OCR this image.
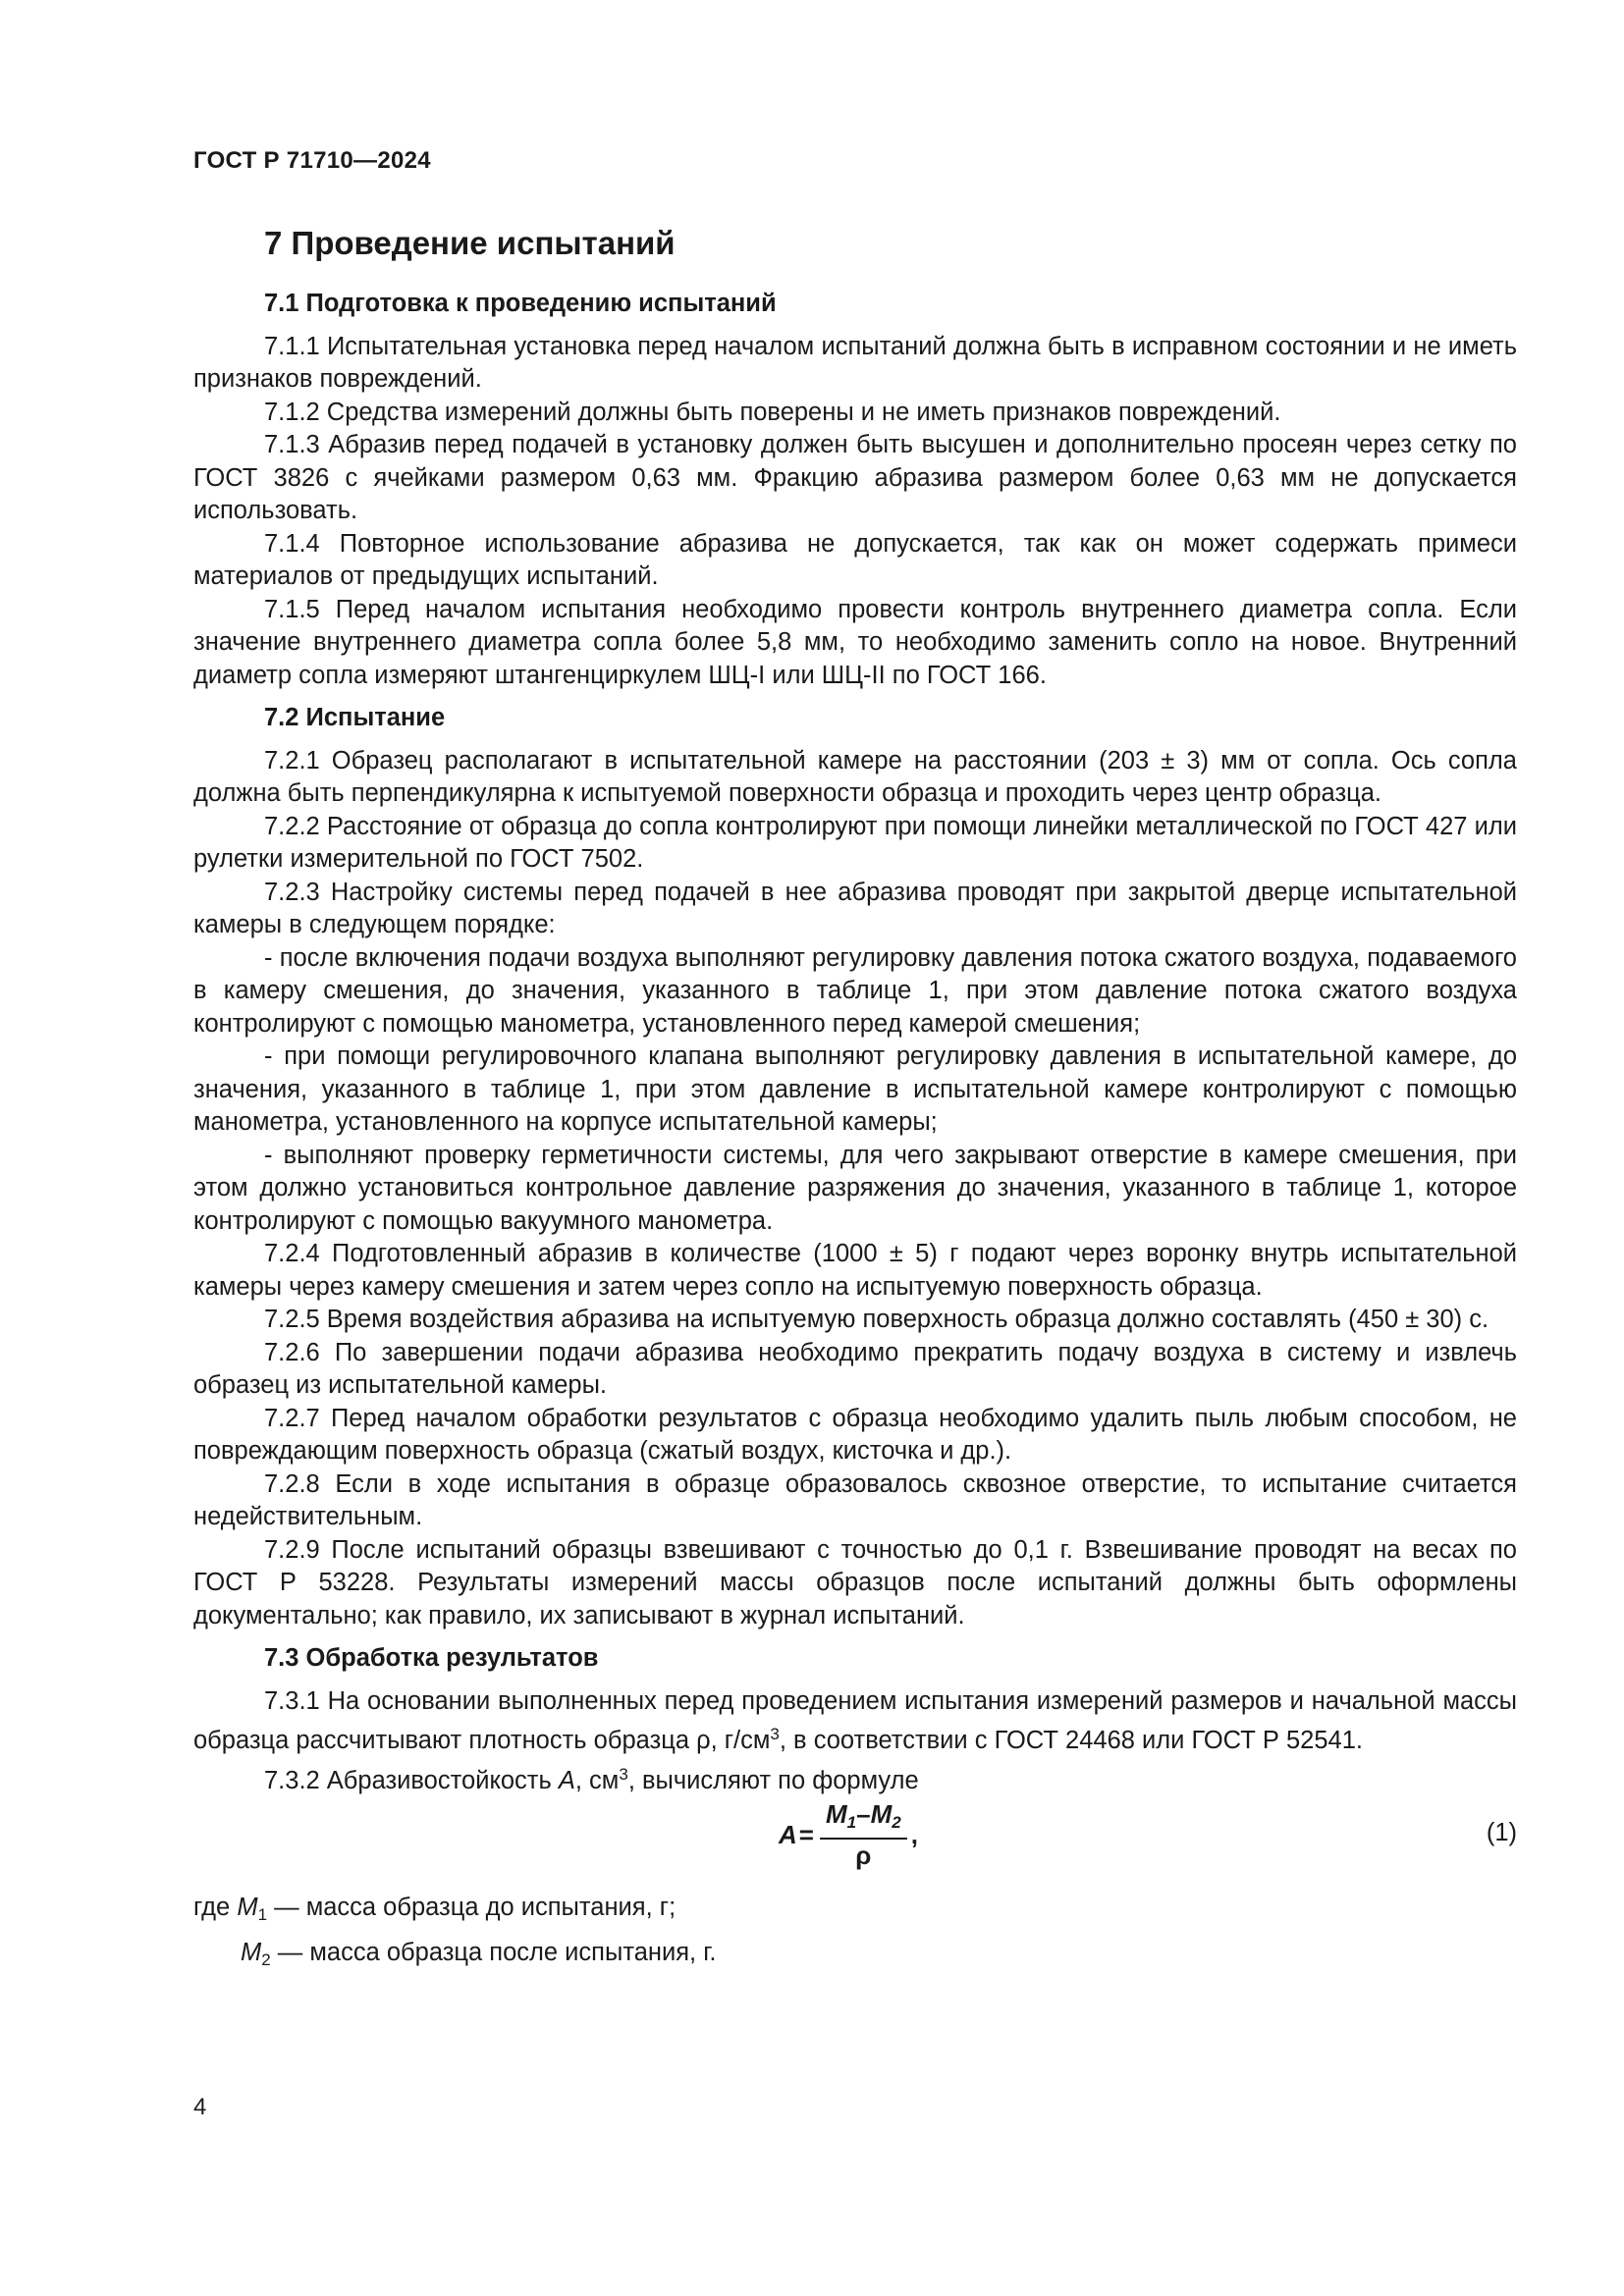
ГОСТ Р 71710—2024
7 Проведение испытаний
7.1 Подготовка к проведению испытаний

7.1.1 Испытательная установка перед началом испытаний должна быть в исправном состоянии и не иметь признаков повреждений.

7.1.2 Средства измерений должны быть поверены и не иметь признаков повреждений.

7.1.3 Абразив перед подачей в установку должен быть высушен и дополнительно просеян через сетку по ГОСТ 3826 с ячейками размером 0,63 мм. Фракцию абразива размером более 0,63 мм не допускается использовать.

7.1.4 Повторное использование абразива не допускается, так как он может содержать примеси материалов от предыдущих испытаний.

7.1.5 Перед началом испытания необходимо провести контроль внутреннего диаметра сопла. Если значение внутреннего диаметра сопла более 5,8 мм, то необходимо заменить сопло на новое. Внутренний диаметр сопла измеряют штангенциркулем ШЦ-I или ШЦ-II по ГОСТ 166.

7.2 Испытание

7.2.1 Образец располагают в испытательной камере на расстоянии (203 ± 3) мм от сопла. Ось сопла должна быть перпендикулярна к испытуемой поверхности образца и проходить через центр образца.

7.2.2 Расстояние от образца до сопла контролируют при помощи линейки металлической по ГОСТ 427 или рулетки измерительной по ГОСТ 7502.

7.2.3 Настройку системы перед подачей в нее абразива проводят при закрытой дверце испытательной камеры в следующем порядке:

- после включения подачи воздуха выполняют регулировку давления потока сжатого воздуха, подаваемого в камеру смешения, до значения, указанного в таблице 1, при этом давление потока сжатого воздуха контролируют с помощью манометра, установленного перед камерой смешения;

- при помощи регулировочного клапана выполняют регулировку давления в испытательной камере, до значения, указанного в таблице 1, при этом давление в испытательной камере контролируют с помощью манометра, установленного на корпусе испытательной камеры;

- выполняют проверку герметичности системы, для чего закрывают отверстие в камере смешения, при этом должно установиться контрольное давление разряжения до значения, указанного в таблице 1, которое контролируют с помощью вакуумного манометра.

7.2.4 Подготовленный абразив в количестве (1000 ± 5) г подают через воронку внутрь испытательной камеры через камеру смешения и затем через сопло на испытуемую поверхность образца.

7.2.5 Время воздействия абразива на испытуемую поверхность образца должно составлять (450 ± 30) с.

7.2.6 По завершении подачи абразива необходимо прекратить подачу воздуха в систему и извлечь образец из испытательной камеры.

7.2.7 Перед началом обработки результатов с образца необходимо удалить пыль любым способом, не повреждающим поверхность образца (сжатый воздух, кисточка и др.).

7.2.8 Если в ходе испытания в образце образовалось сквозное отверстие, то испытание считается недействительным.

7.2.9 После испытаний образцы взвешивают с точностью до 0,1 г. Взвешивание проводят на весах по ГОСТ Р 53228. Результаты измерений массы образцов после испытаний должны быть оформлены документально; как правило, их записывают в журнал испытаний.

7.3 Обработка результатов

7.3.1 На основании выполненных перед проведением испытания измерений размеров и начальной массы образца рассчитывают плотность образца ρ, $г/см^3$, в соответствии с ГОСТ 24468 или ГОСТ Р 52541.

7.3.2 Абразивостойкость A, $см^3$, вычисляют по формуле

$A = \frac{M_1-M_2}{\rho}$ ,	(1)
где $M_1$ — масса образца до испытания, г;
$M_2$ — масса образца после испытания, г.
4
